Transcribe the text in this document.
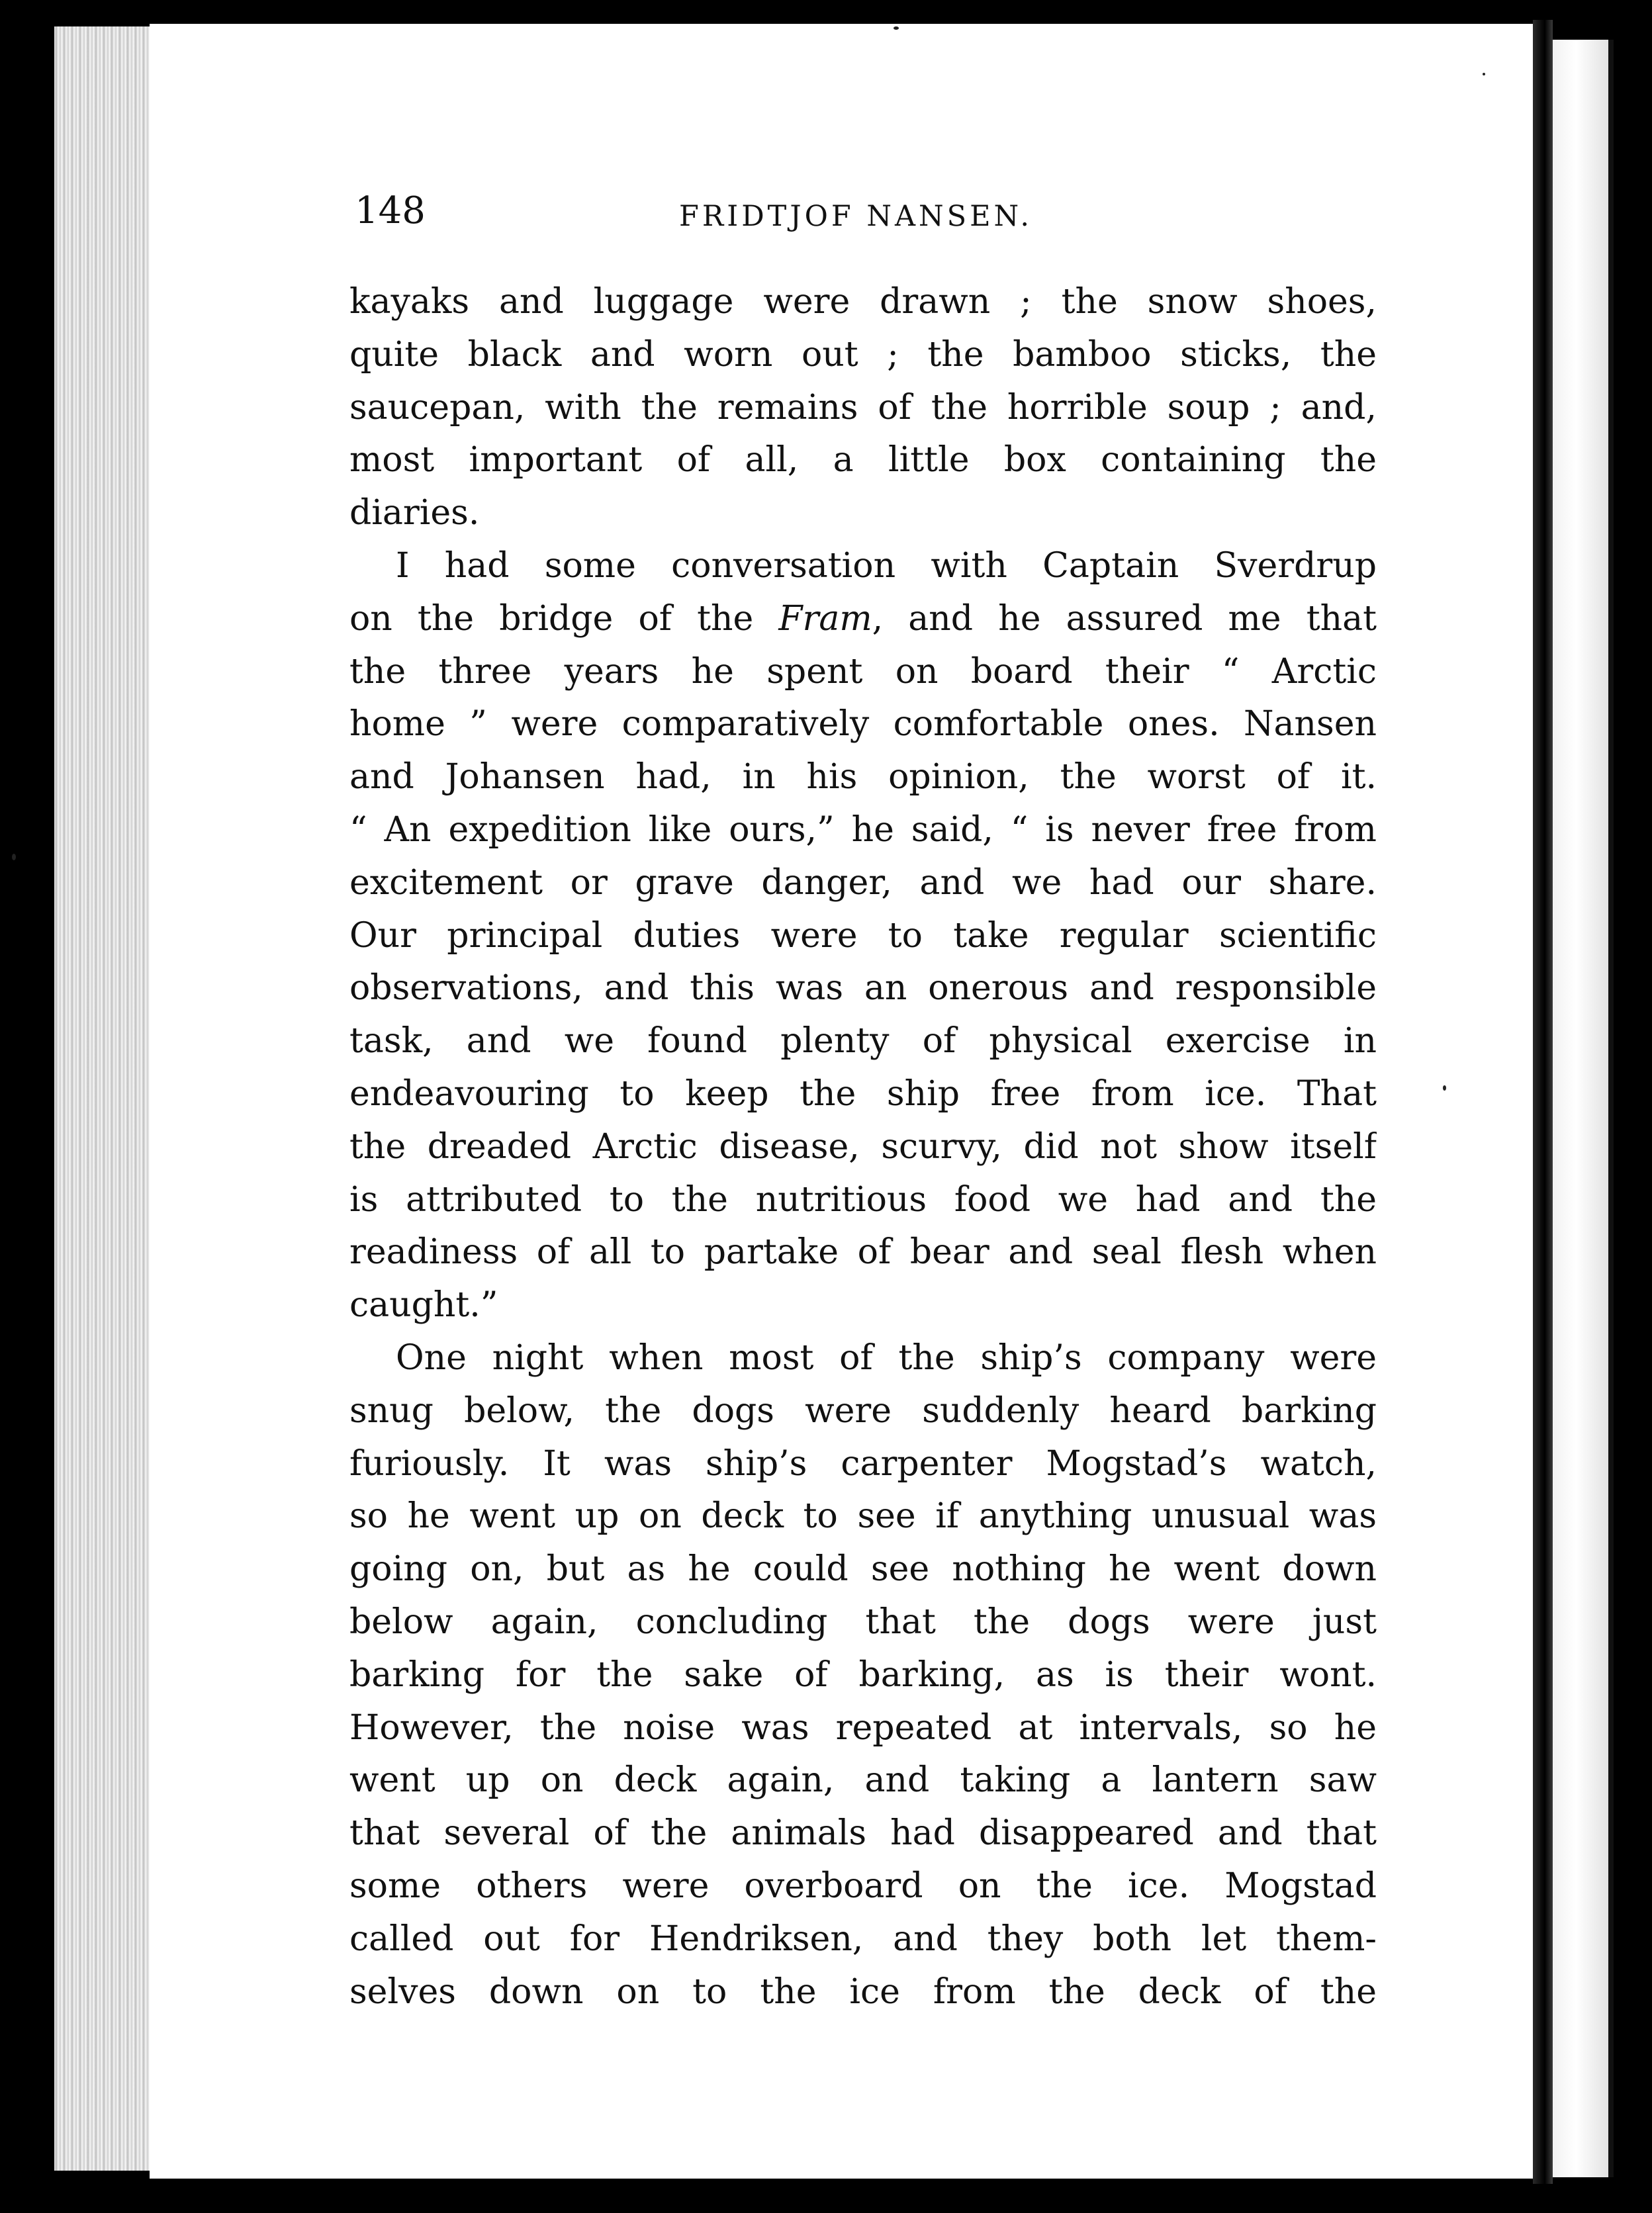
148	FRIDTJOF NANSEN.
kayaks and luggage were drawn ; the snow shoes,
quite black and worn out ; the bamboo sticks, the
saucepan, with the remains of the horrible soup ; and,
most important of all, a little box containing the
diaries.
I had some conversation with Captain Sverdrup
on the bridge of the Fram, and he assured me that
the three years he spent on board their “ Arctic
home ” were comparatively comfortable ones. Nansen
and Johansen had, in his opinion, the worst of it.
“ An expedition like ours,” he said, “ is never free from
excitement or grave danger, and we had our share.
Our principal duties were to take regular scientific
observations, and this was an onerous and responsible
task, and we found plenty of physical exercise in
endeavouring to keep the ship free from ice. That
the dreaded Arctic disease, scurvy, did not show itself
is attributed to the nutritious food we had and the
readiness of all to partake of bear and seal flesh when
caught.”
One night when most of the ship’s company were
snug below, the dogs were suddenly heard barking
furiously. It was ship’s carpenter Mogstad’s watch,
so he went up on deck to see if anything unusual was
going on, but as he could see nothing he went down
below again, concluding that the dogs were just
barking for the sake of barking, as is their wont.
However, the noise was repeated at intervals, so he
went up on deck again, and taking a lantern saw
that several of the animals had disappeared and that
some others were overboard on the ice. Mogstad
called out for Hendriksen, and they both let them-
selves down on to the ice from the deck of the
